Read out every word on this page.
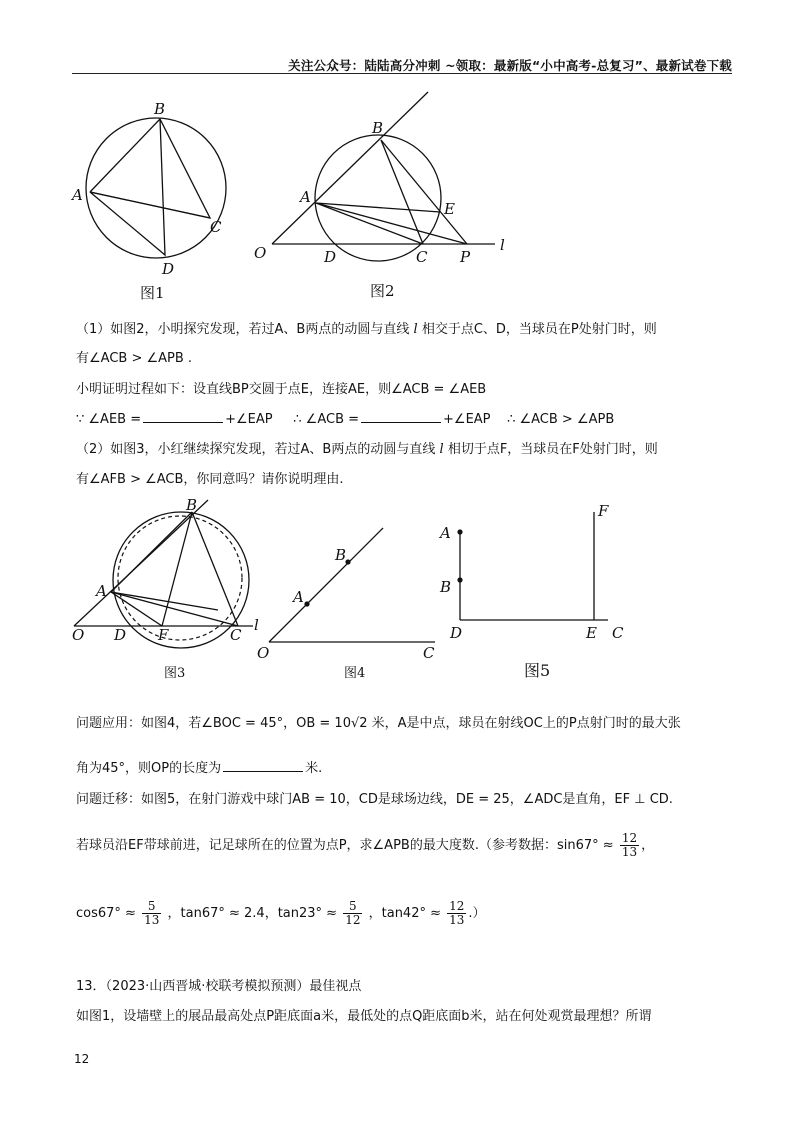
关注公众号：陆陆高分冲刺 ~领取：最新版“小中高考-总复习”、最新试卷下载
B
A
C
D
图1
B
A
E
O	D	C P
l
图2
（1）如图2，小明探究发现，若过A、B两点的动圆与直线 l 相交于点C、D，当球员在P处射门时，则
有∠ACB > ∠APB .
小明证明过程如下：设直线BP交圆于点E，连接AE，则∠ACB = ∠AEB
∵ ∠AEB =	+∠EAP ∴ ∠ACB =	+∠EAP ∴ ∠ACB > ∠APB
（2）如图3，小红继续探究发现，若过A、B两点的动圆与直线 l 相切于点F，当球员在F处射门时，则
有∠AFB > ∠ACB，你同意吗？请你说明理由.
B
A
O D F	C
l
图3
B
A
O	C
图4
A
B
F
D	E C
图5
问题应用：如图4，若∠BOC = 45°，OB = 10√2 米，A是中点，球员在射线OC上的P点射门时的最大张
角为45°，则OP的长度为	米.
问题迁移：如图5，在射门游戏中球门AB = 10，CD是球场边线，DE = 25，∠ADC是直角，EF ⊥ CD.
若球员沿EF带球前进，记足球所在的位置为点P，求∠APB的最大度数.（参考数据：$\sin 67^\circ \approx \frac{12}{13}$ ，
$\cos 67^\circ \approx \frac{5}{13}$ ，tan67° ≈ 2.4，$\tan 23^\circ \approx \frac{5}{12}$ ，$\tan 42^\circ \approx \frac{12}{13}$ .）
13．（2023·山西晋城·校联考模拟预测）最佳视点
如图1，设墙壁上的展品最高处点P距底面a米，最低处的点Q距底面b米，站在何处观赏最理想？所谓
12
